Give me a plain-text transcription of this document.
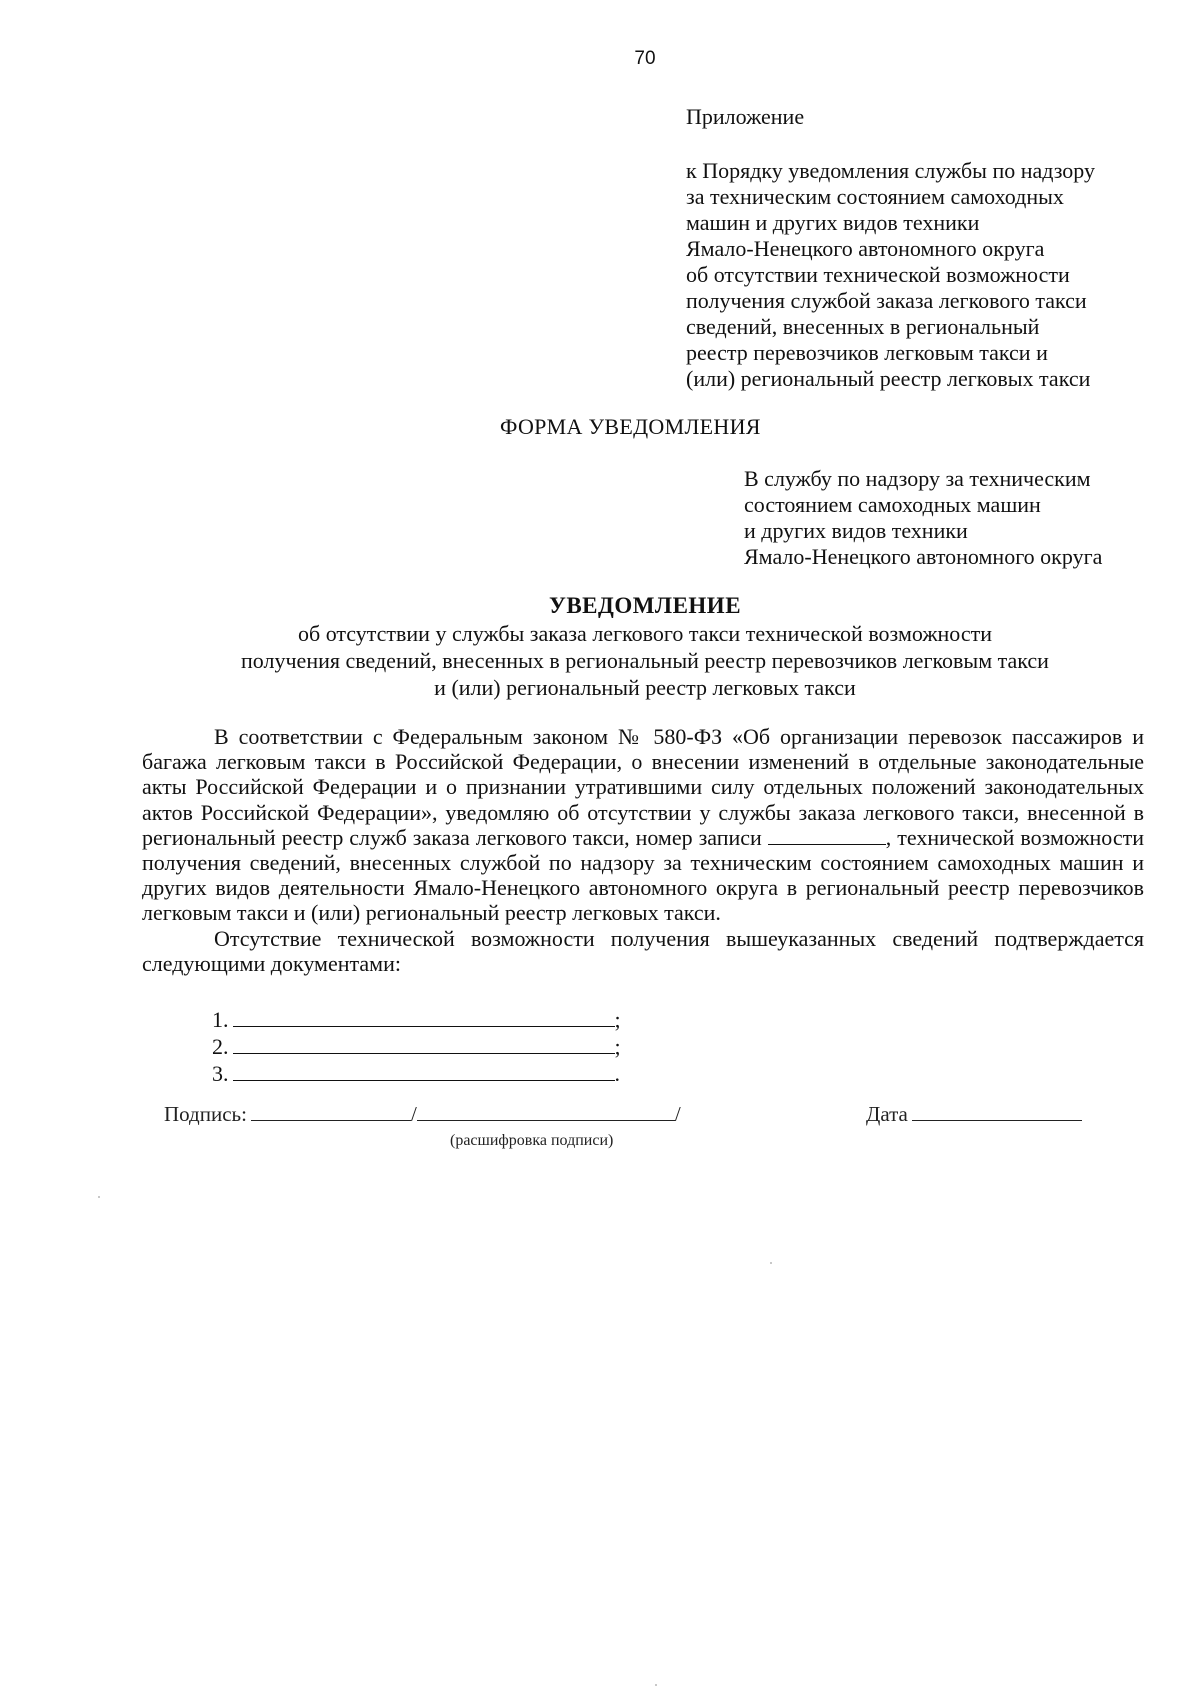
70
Приложение
к Порядку уведомления службы по надзору
за техническим состоянием самоходных
машин и других видов техники
Ямало-Ненецкого автономного округа
об отсутствии технической возможности
получения службой заказа легкового такси
сведений, внесенных в региональный
реестр перевозчиков легковым такси и
(или) региональный реестр легковых такси
ФОРМА УВЕДОМЛЕНИЯ
В службу по надзору за техническим
состоянием самоходных машин
и других видов техники
Ямало-Ненецкого автономного округа
УВЕДОМЛЕНИЕ
об отсутствии у службы заказа легкового такси технической возможности
получения сведений, внесенных в региональный реестр перевозчиков легковым такси
и (или) региональный реестр легковых такси

В соответствии с Федеральным законом № 580-ФЗ «Об организации перевозок пассажиров и багажа легковым такси в Российской Федерации, о внесении изменений в отдельные законодательные акты Российской Федерации и о признании утратившими силу отдельных положений законодательных актов Российской Федерации», уведомляю об отсутствии у службы заказа легкового такси, внесенной в региональный реестр служб заказа легкового такси, номер записи	, технической возможности получения сведений, внесенных службой по надзору за техническим состоянием самоходных машин и других видов деятельности Ямало-Ненецкого автономного округа в региональный реестр перевозчиков легковым такси и (или) региональный реестр легковых такси.

Отсутствие технической возможности получения вышеуказанных сведений подтверждается следующими документами:

1.	;
2.	;
3.	.
Подпись:	/	/	Дата
(расшифровка подписи)
